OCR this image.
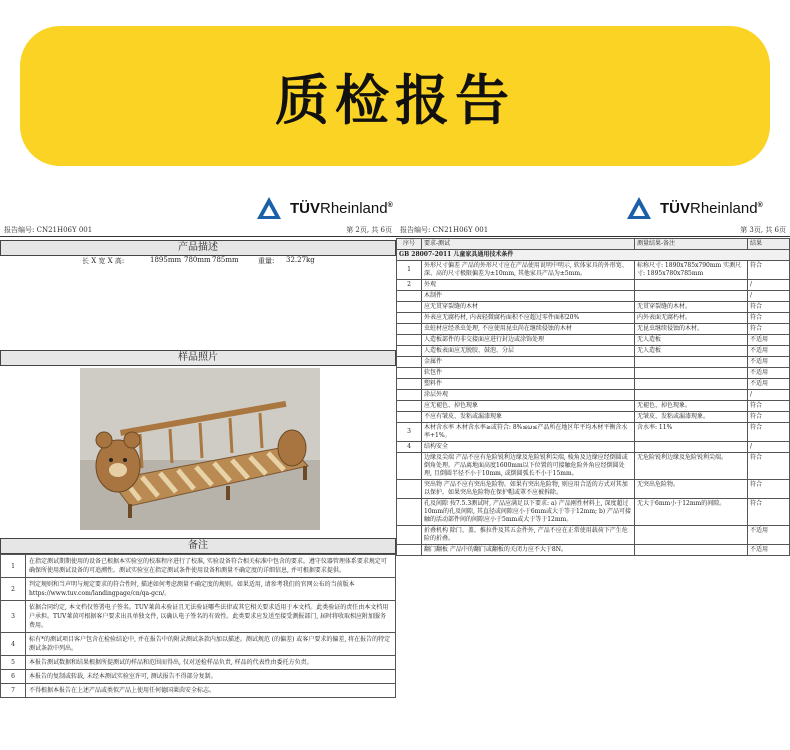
质检报告
TÜVRheinland®
报告编号: CN21H06Y 001	第 2页, 共 6页
产品描述
长 X 宽 X 高:	1895mm 780mm 785mm	重量: 32.27kg
样品照片
备注
1	在指定测试期期使用的设备已根据本实验室的校准程序进行了校准, 实验设备符合相关标准中包含的要求。遵守仪器管理体系要求规定可确保所使用测试设备的可追溯性。测试实验室在指定测试条件使用设备和测量不确定度的详细信息, 并可根据要求提供。
2	判定规则和当声明与规定要求的符合性时, 描述如何考虑测量不确定度的规则。如果适用, 请参考我们的官网公布的当前版本 https://www.tuv.com/landingpage/cn/qa-gcn/。
3	依据合同约定, 本文档仅签署电子签名。TUV莱茵未验证且无法验证哪些法律或其它相关要求适用于本文档。此类验证的责任由本文档用户承担。TUV莱茵可根据客户要求出具单独文件, 以确认电子签名的有效性。此类要求应发送至接受测报部门, 届时将收取相应附加服务费用。
4	标有*的测试项目客户包含在检验结论中, 并在报告中的附录测试条款内加以描述。测试规范 (的偏差) 或客户要求的偏差, 将在报告的特定测试条款中列出。
5	本报告测试数据和结果根据所提测试的样品和范围而得出, 仅对送检样品负责, 样品的代表性由委托方负责。
6	本报告的复制或转载, 未经本测试实验室许可, 测试报告不得部分复制。
7	不得根据本报告在上述产品或类似产品上使用任何德国莱茵安全标志。
TÜVRheinland®
报告编号: CN21H06Y 001	第 3页, 共 6页
序号	要求-测试	测量结果-备注	结果
GB 28007-2011 儿童家具通用技术条件			
1	外形尺寸偏差 产品的外形尺寸应在产品使用说明中明示, 软体家具的外形宽、深、高的尺寸极限偏差为±10mm, 其他家具产品为±5mm。	标称尺寸: 1890x785x790mm 实测尺寸: 1895x780x785mm	符合
2	外观		/
	木制件		/
	应无贯穿裂缝的木材	无贯穿裂缝的木材。	符合
	外表应无腐朽材, 内表轻微腐朽面积不应超过零件面积20%	内外表面无腐朽材。	符合
	虫蛀材应经杀虫处理, 不应使用昆虫尚在继续侵蚀的木材	无昆虫继续侵蚀的木材。	符合
	人造板部件的非交接面应进行封边或涂饰处理	无人造板	不适用
	人造板表面应无脱胶、鼓泡、分层	无人造板	不适用
	金属件		不适用
	软包件		不适用
	塑料件		不适用
	涂层外观		/
	应无褪色、掉色现象	无褪色、掉色现象。	符合
	不应有皱皮、发粘或漏漆现象	无皱皮、发粘或漏漆现象。	符合
3	木材含水率 木材含水率≥或符合: 8%≤ω≤产品所在地区年平均木材平衡含水率+1%。	含水率: 11%	符合
4	结构安全		/
	边缘及尖端 产品不应有危险锐利边缘及危险锐利尖端, 棱角及边缘应经倒圆或倒角处理。产品离地面高度1600mm以下位置的可接触危险外角应经倒圆处理, 且倒圆半径不小于10mm, 或倒圆弧长不小于15mm。	无危险锐利边缘及危险锐利尖端。	符合
	突出物 产品不应有突出危险物。如果有突出危险物, 则应用合适的方式对其加以保护。如果突出危险物在保护帽或罩不应被拆除。	无突出危险物。	符合
	孔及间隙 按7.5.3测试时, 产品应满足以下要求: a) 产品刚性材料上, 深度超过10mm的孔及间隙, 其直径或间隙应小于6mm或大于等于12mm; b) 产品可接触的活动部件间的间隙应小于5mm或大于等于12mm。	无大于6mm小于12mm的间隙。	符合
	折叠机构 除门、盖、推拉件及其五金件外, 产品不应在正常使用载荷下产生危险的折叠。		不适用
	翻门翻板 产品中的翻门或翻板的关闭力应不大于8N。		不适用
